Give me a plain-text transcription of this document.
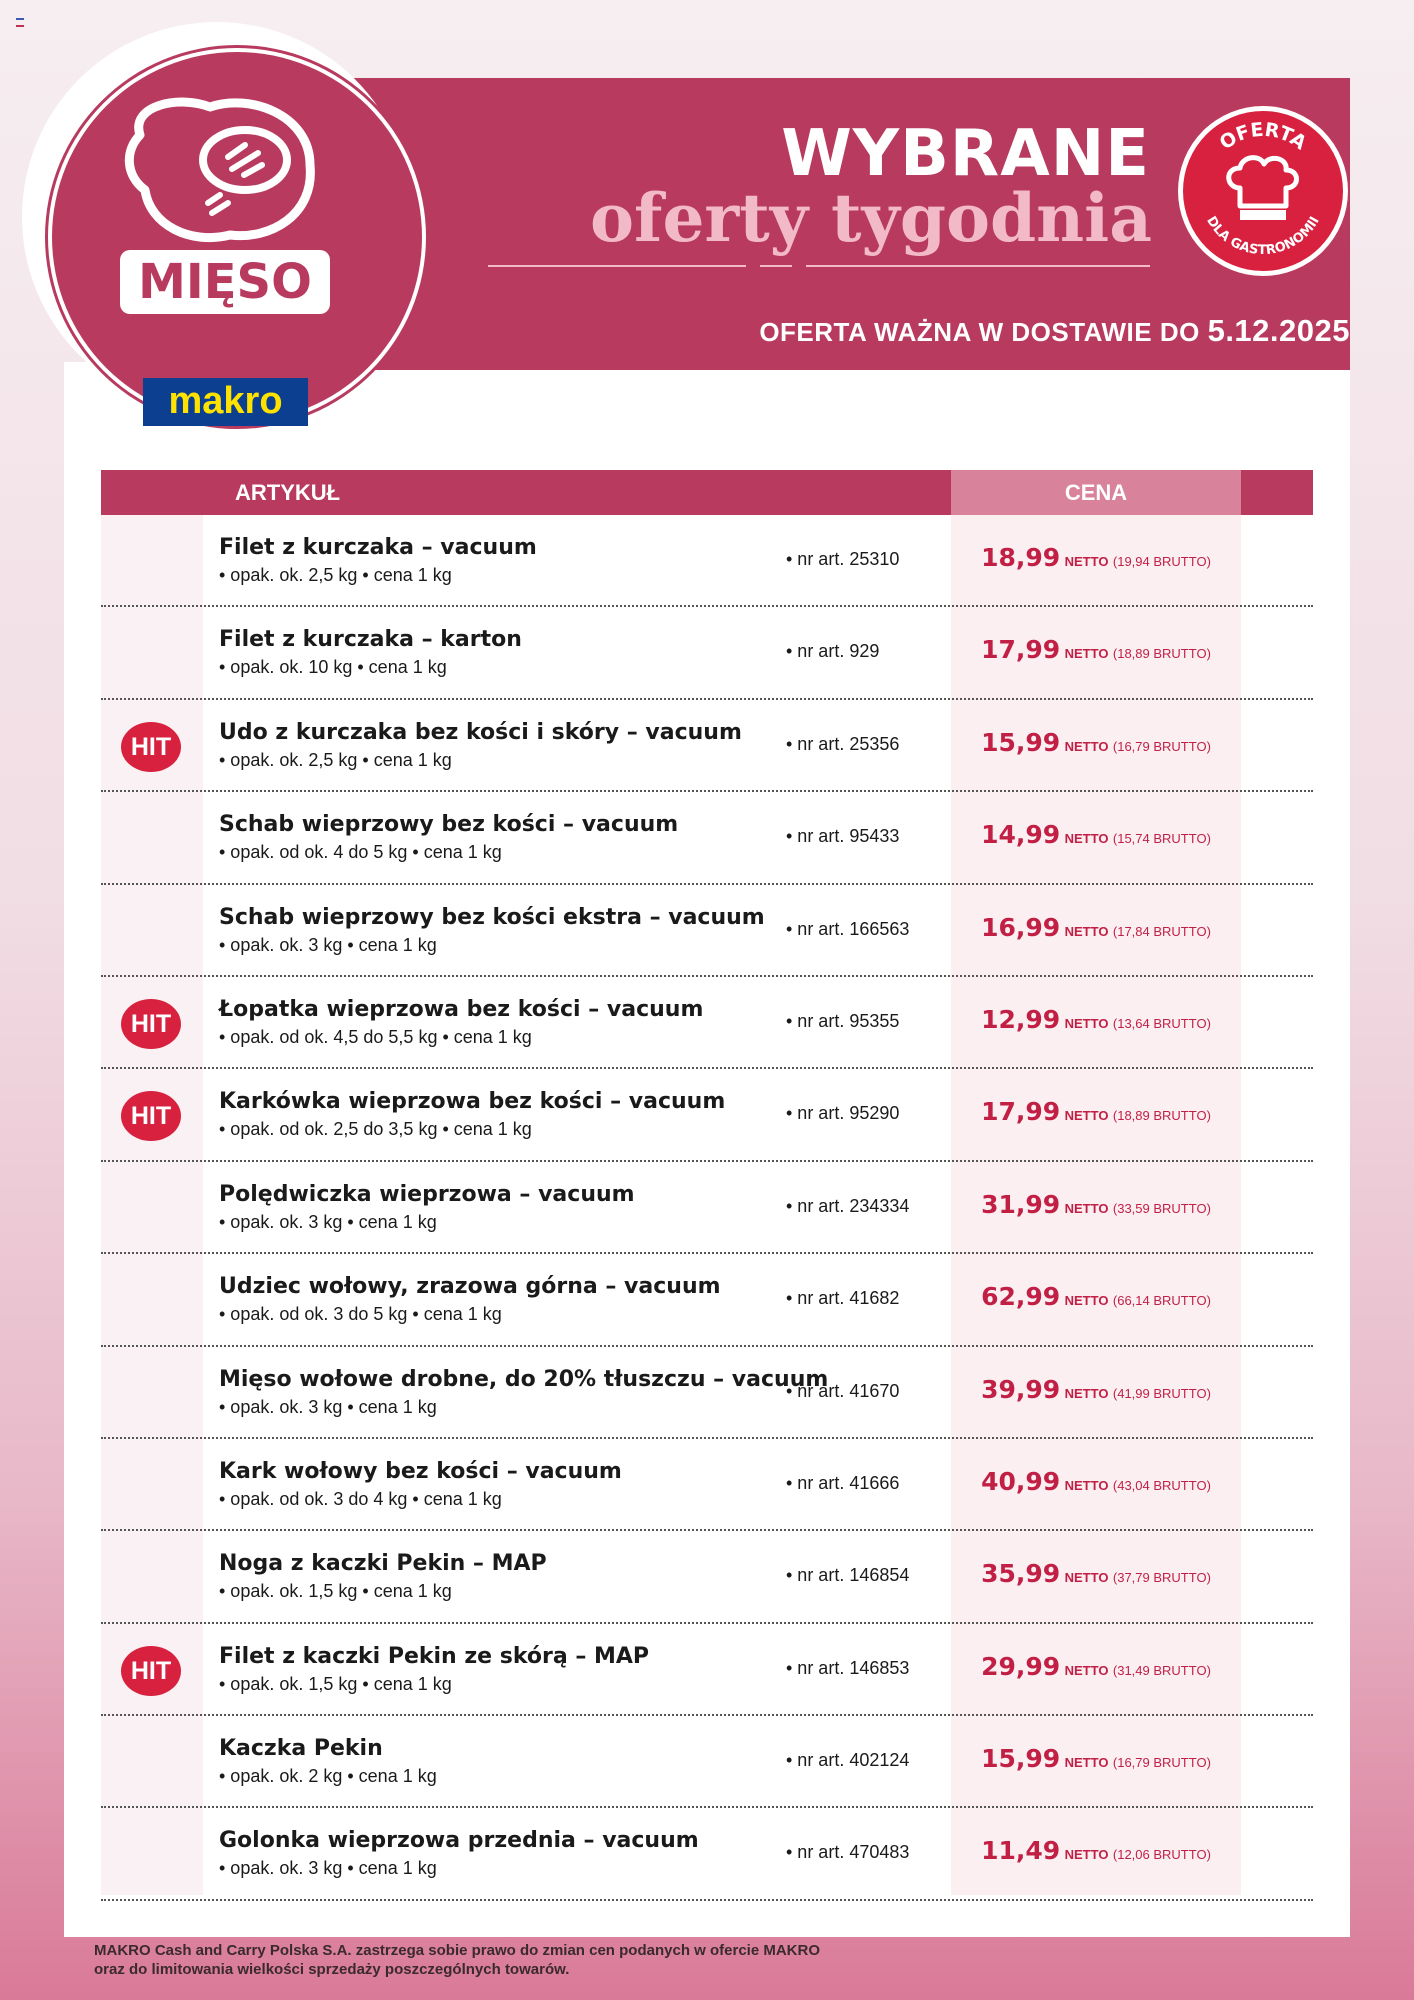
WYBRANE
oferty tygodnia
OFERTA WAŻNA W DOSTAWIE DO 5.12.2025
OFERTA
DLA GASTRONOMII
MIĘSO
makro
ARTYKUŁ	CENA
Filet z kurczaka – vacuum
• opak. ok. 2,5 kg • cena 1 kg
• nr art. 25310	18,99 NETTO (19,94 BRUTTO)
Filet z kurczaka – karton
• opak. ok. 10 kg • cena 1 kg
• nr art. 929	17,99 NETTO (18,89 BRUTTO)
HIT
Udo z kurczaka bez kości i skóry – vacuum
• opak. ok. 2,5 kg • cena 1 kg
• nr art. 25356	15,99 NETTO (16,79 BRUTTO)
Schab wieprzowy bez kości – vacuum
• opak. od ok. 4 do 5 kg • cena 1 kg
• nr art. 95433	14,99 NETTO (15,74 BRUTTO)
Schab wieprzowy bez kości ekstra – vacuum
• opak. ok. 3 kg • cena 1 kg
• nr art. 166563	16,99 NETTO (17,84 BRUTTO)
HIT
Łopatka wieprzowa bez kości – vacuum
• opak. od ok. 4,5 do 5,5 kg • cena 1 kg
• nr art. 95355	12,99 NETTO (13,64 BRUTTO)
HIT
Karkówka wieprzowa bez kości – vacuum
• opak. od ok. 2,5 do 3,5 kg • cena 1 kg
• nr art. 95290	17,99 NETTO (18,89 BRUTTO)
Polędwiczka wieprzowa – vacuum
• opak. ok. 3 kg • cena 1 kg
• nr art. 234334	31,99 NETTO (33,59 BRUTTO)
Udziec wołowy, zrazowa górna – vacuum
• opak. od ok. 3 do 5 kg • cena 1 kg
• nr art. 41682	62,99 NETTO (66,14 BRUTTO)
Mięso wołowe drobne, do 20% tłuszczu – vacuum
• opak. ok. 3 kg • cena 1 kg
• nr art. 41670	39,99 NETTO (41,99 BRUTTO)
Kark wołowy bez kości – vacuum
• opak. od ok. 3 do 4 kg • cena 1 kg
• nr art. 41666	40,99 NETTO (43,04 BRUTTO)
Noga z kaczki Pekin – MAP
• opak. ok. 1,5 kg • cena 1 kg
• nr art. 146854	35,99 NETTO (37,79 BRUTTO)
HIT
Filet z kaczki Pekin ze skórą – MAP
• opak. ok. 1,5 kg • cena 1 kg
• nr art. 146853	29,99 NETTO (31,49 BRUTTO)
Kaczka Pekin
• opak. ok. 2 kg • cena 1 kg
• nr art. 402124	15,99 NETTO (16,79 BRUTTO)
Golonka wieprzowa przednia – vacuum
• opak. ok. 3 kg • cena 1 kg
• nr art. 470483	11,49 NETTO (12,06 BRUTTO)
MAKRO Cash and Carry Polska S.A. zastrzega sobie prawo do zmian cen podanych w ofercie MAKRO
oraz do limitowania wielkości sprzedaży poszczególnych towarów.
